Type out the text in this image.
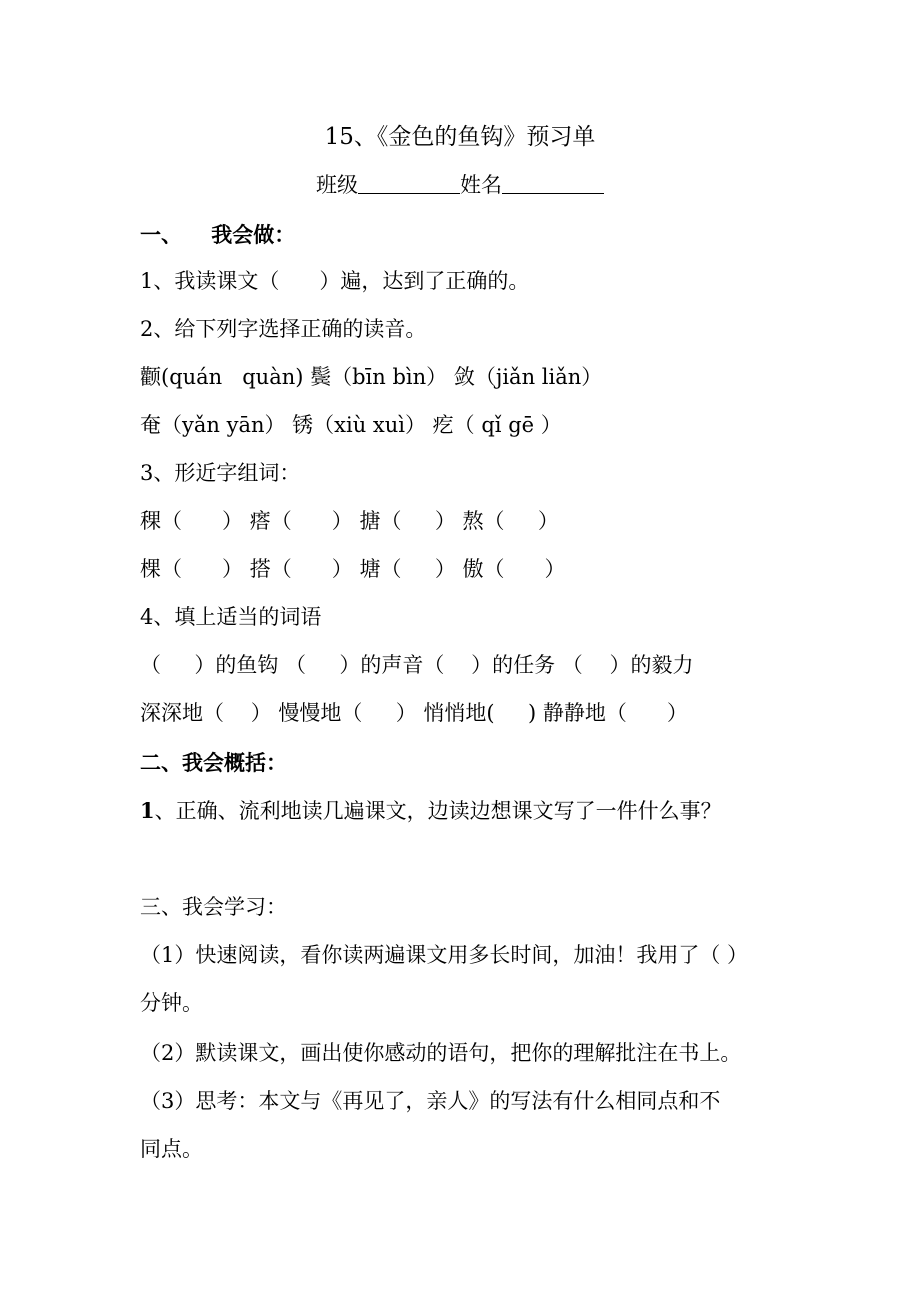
15、《金色的鱼钩》预习单

班级	姓名

一、    我会做：

1、我读课文（      ）遍，达到了正确的。

2、给下列字选择正确的读音。

颧(quán   quàn) 鬓（bīn bìn） 敛（jiǎn liǎn）

奄（yǎn yān） 锈（xiù xuì） 疙（ qǐ gē ）

3、形近字组词：

稞（      ） 瘩（      ） 搪（     ） 熬（     ）

棵（      ） 搭（      ） 塘（     ） 傲（      ）

4、填上适当的词语

（     ）的鱼钩 （     ）的声音（    ）的任务 （    ）的毅力

深深地（    ） 慢慢地（     ） 悄悄地(     ) 静静地（      ）

二、我会概括：

1、正确、流利地读几遍课文，边读边想课文写了一件什么事？

三、我会学习：

（1）快速阅读，看你读两遍课文用多长时间，加油！我用了（ ）

分钟。

（2）默读课文，画出使你感动的语句，把你的理解批注在书上。

（3）思考：本文与《再见了，亲人》的写法有什么相同点和不

同点。
